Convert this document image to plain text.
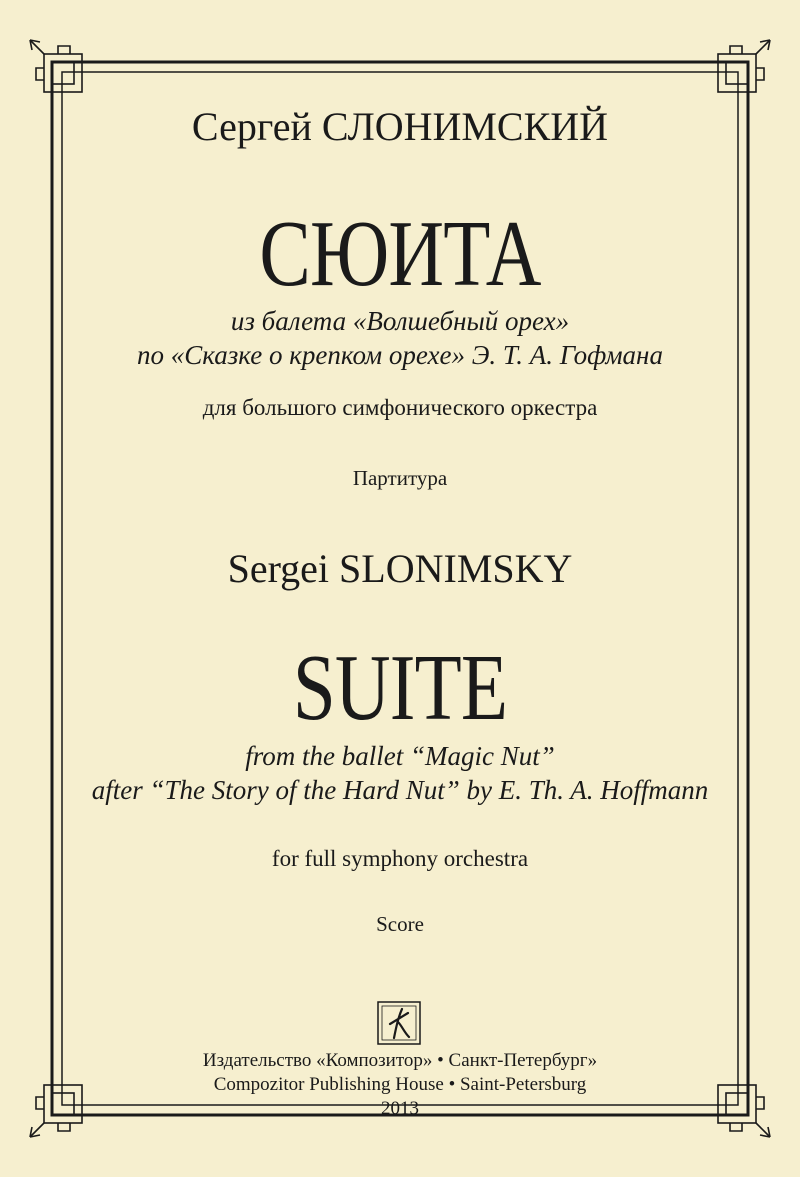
Сергей СЛОНИМСКИЙ
СЮИТА
из балета «Волшебный орех»
по «Сказке о крепком орехе» Э. Т. А. Гофмана
для большого симфонического оркестра
Партитура
Sergei SLONIMSKY
SUITE
from the ballet “Magic Nut”
after “The Story of the Hard Nut” by E. Th. A. Hoffmann
for full symphony orchestra
Score
Издательство «Композитор» • Санкт-Петербург»
Compozitor Publishing House • Saint-Petersburg
2013
